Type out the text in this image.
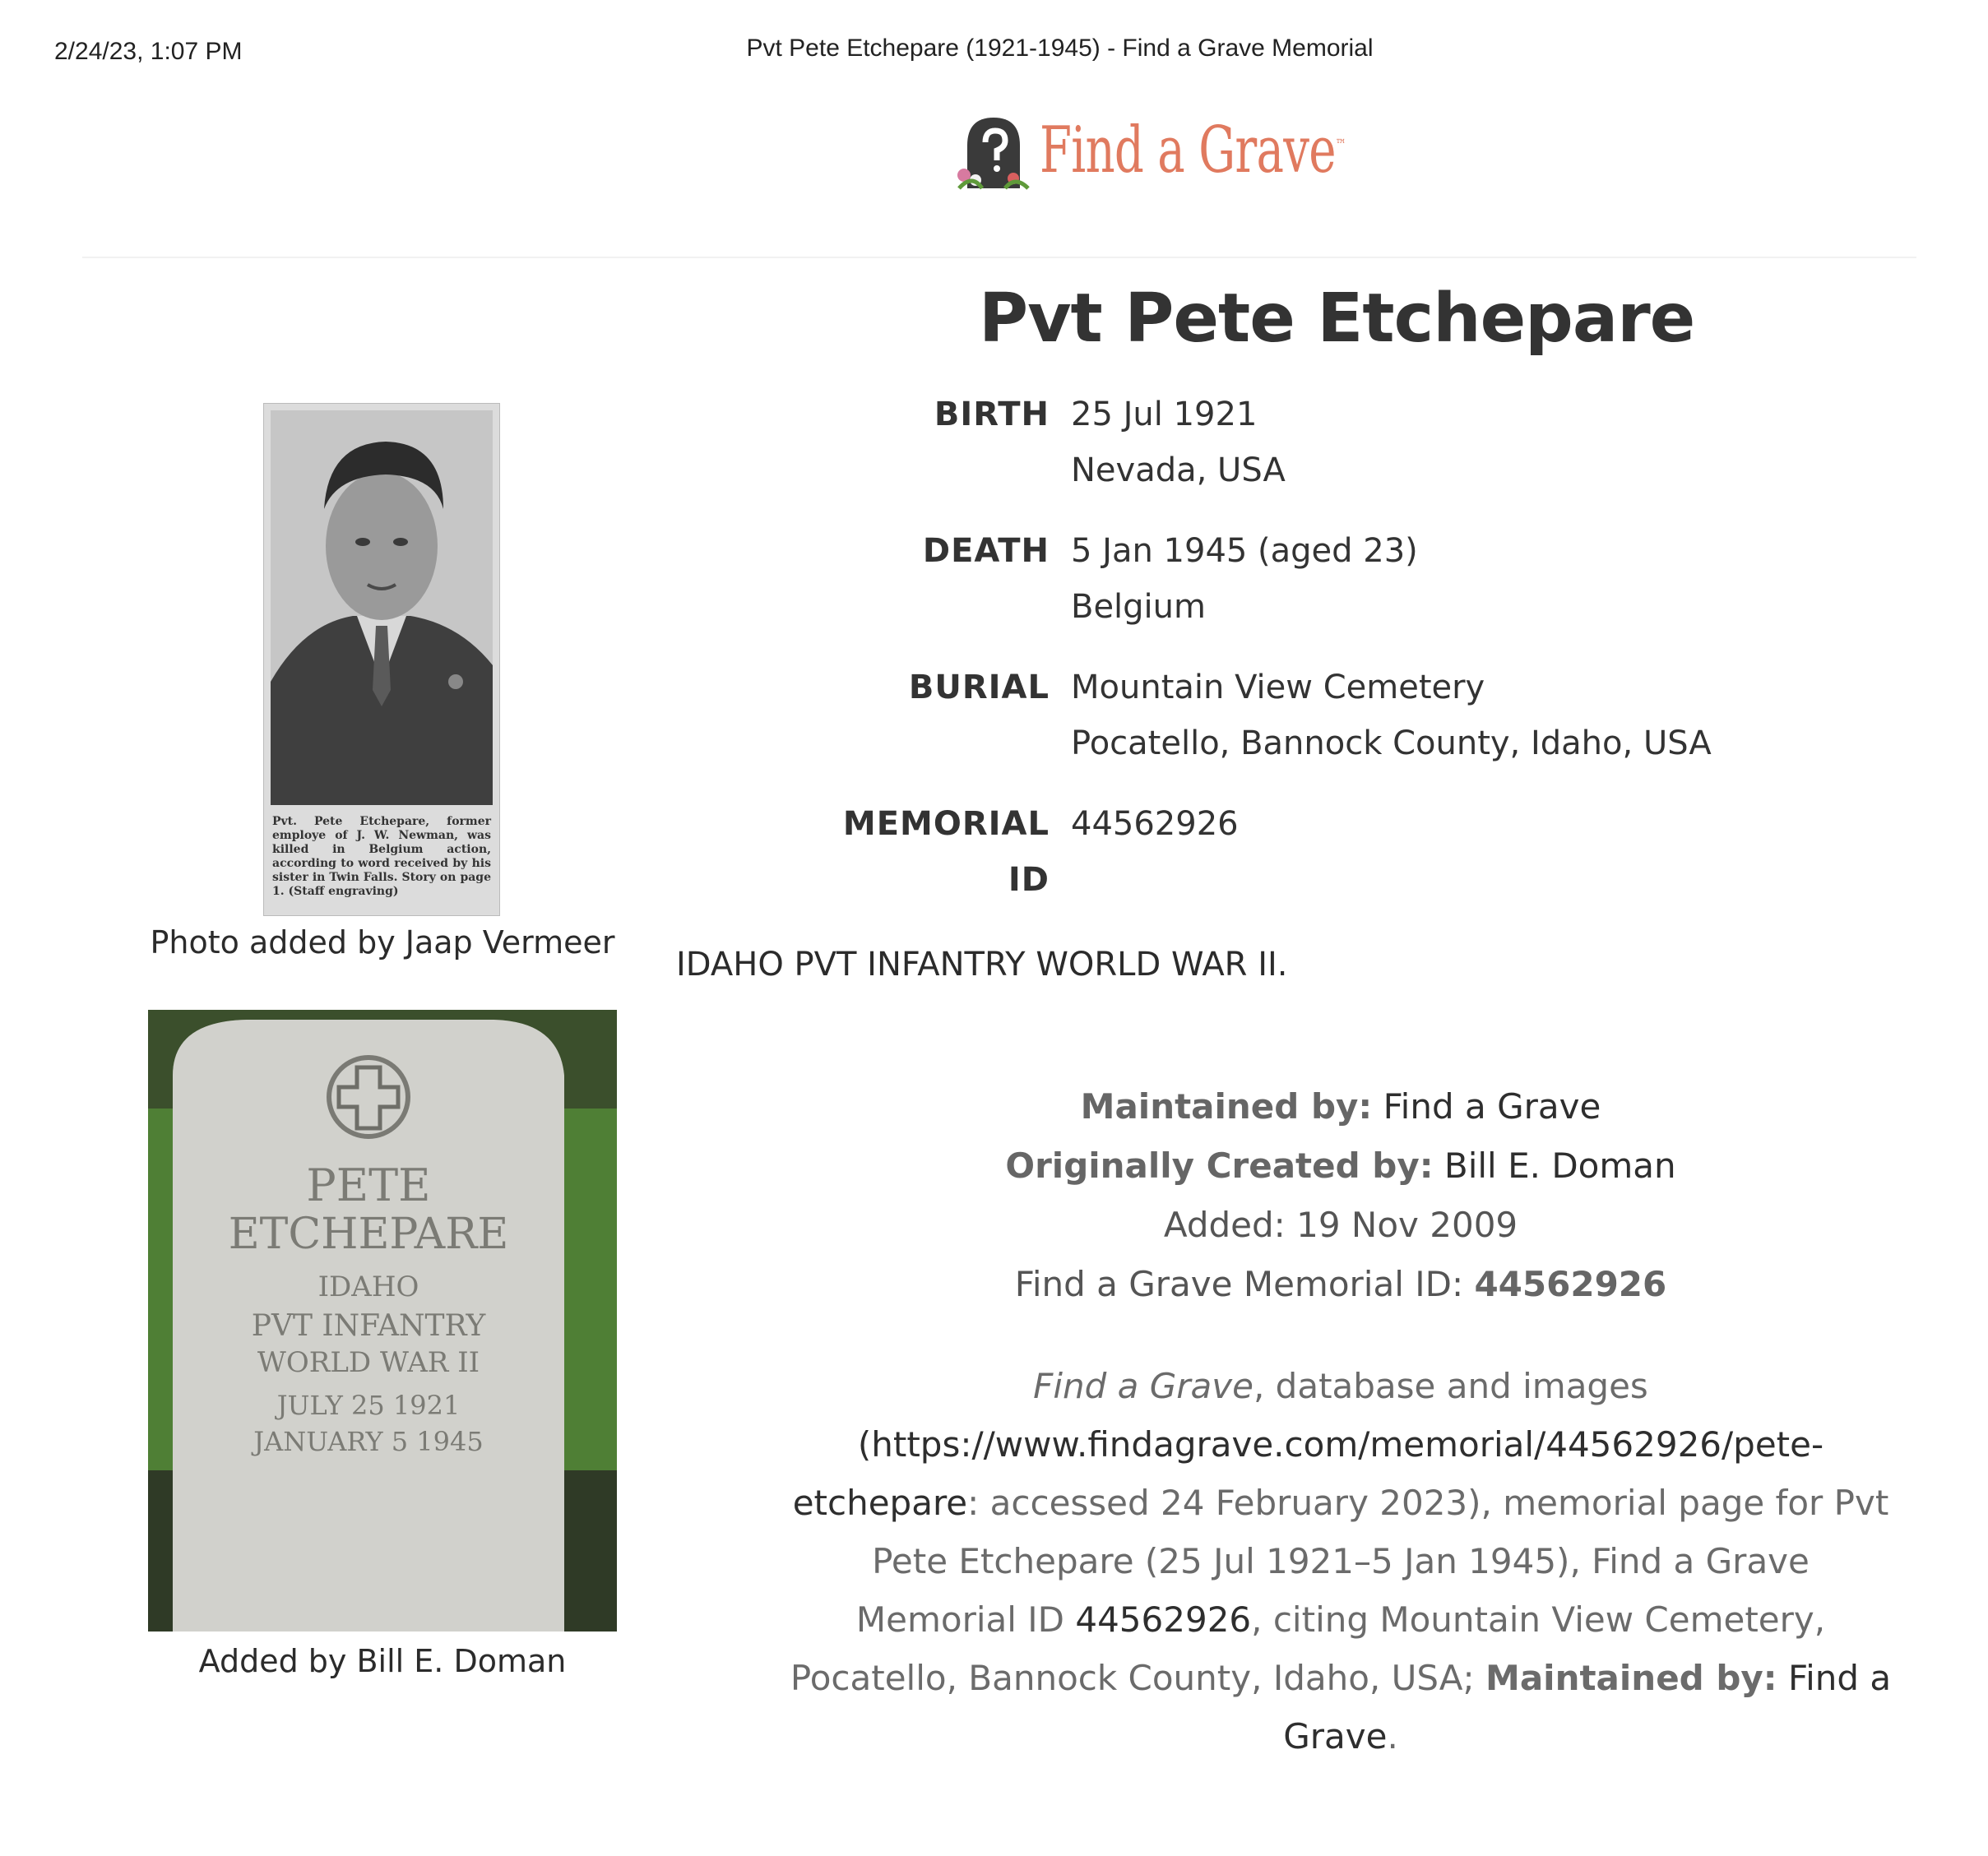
2/24/23, 1:07 PM	Pvt Pete Etchepare (1921-1945) - Find a Grave Memorial
Find a Grave™
Pvt Pete Etchepare
BIRTH 25 Jul 1921
Nevada, USA
DEATH 5 Jan 1945 (aged 23)
Belgium
BURIAL Mountain View Cemetery
Pocatello, Bannock County, Idaho, USA
MEMORIAL ID
44562926
Pvt. Pete Etchepare, former employe of J. W. Newman, was killed in Belgium action, according to word received by his sister in Twin Falls. Story on page 1. (Staff engraving)
Photo added by Jaap Vermeer
PETE
ETCHEPARE
IDAHO
PVT INFANTRY
WORLD WAR II
JULY 25 1921
JANUARY 5 1945
Added by Bill E. Doman
IDAHO PVT INFANTRY WORLD WAR II.
Maintained by: Find a Grave
Originally Created by: Bill E. Doman
Added: 19 Nov 2009
Find a Grave Memorial ID: 44562926
Find a Grave, database and images
(https://www.findagrave.com/memorial/44562926/pete-etchepare: accessed 24 February 2023), memorial page for Pvt Pete Etchepare (25 Jul 1921–5 Jan 1945), Find a Grave Memorial ID 44562926, citing Mountain View Cemetery, Pocatello, Bannock County, Idaho, USA; Maintained by: Find a Grave.
